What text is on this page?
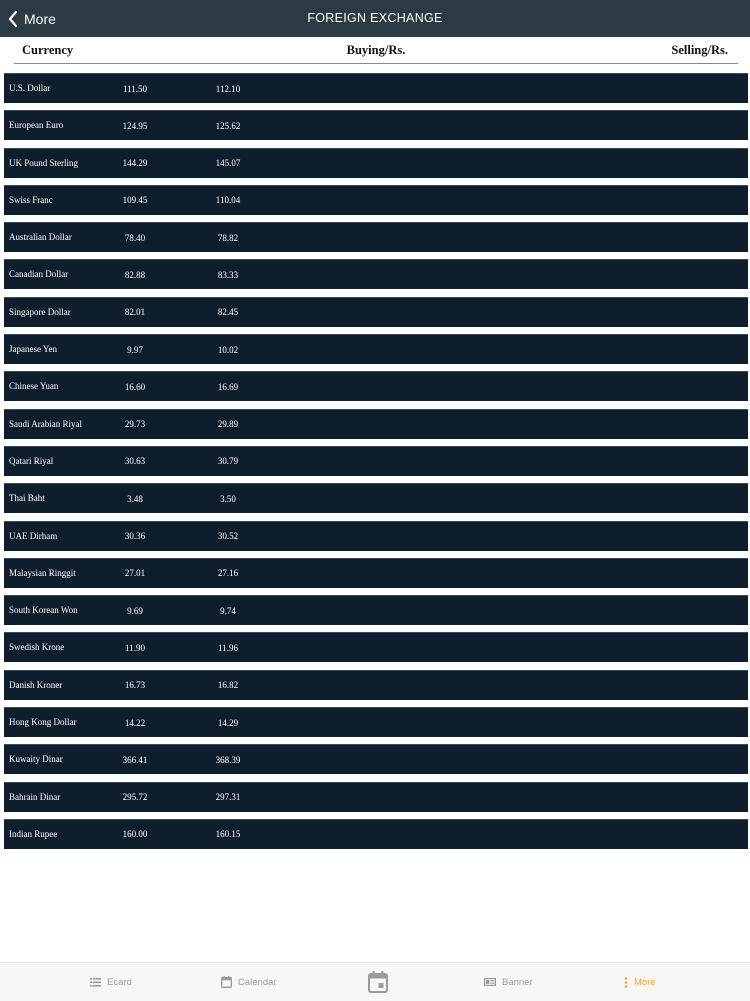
More	FOREIGN EXCHANGE
Currency	Buying/Rs.	Selling/Rs.
U.S. Dollar	111.50	112.10
European Euro	124.95	125.62
UK Pound Sterling	144.29	145.07
Swiss Franc	109.45	110.04
Australian Dollar	78.40	78.82
Canadian Dollar	82.88	83.33
Singapore Dollar	82.01	82.45
Japanese Yen	9.97	10.02
Chinese Yuan	16.60	16.69
Saudi Arabian Riyal	29.73	29.89
Qatari Riyal	30.63	30.79
Thai Baht	3.48	3.50
UAE Dirham	30.36	30.52
Malaysian Ringgit	27.01	27.16
South Korean Won	9.69	9.74
Swedish Krone	11.90	11.96
Danish Kroner	16.73	16.82
Hong Kong Dollar	14.22	14.29
Kuwaity Dinar	366.41	368.39
Bahrain Dinar	295.72	297.31
Indian Rupee	160.00	160.15
Ecard	Calendar	Banner	More
